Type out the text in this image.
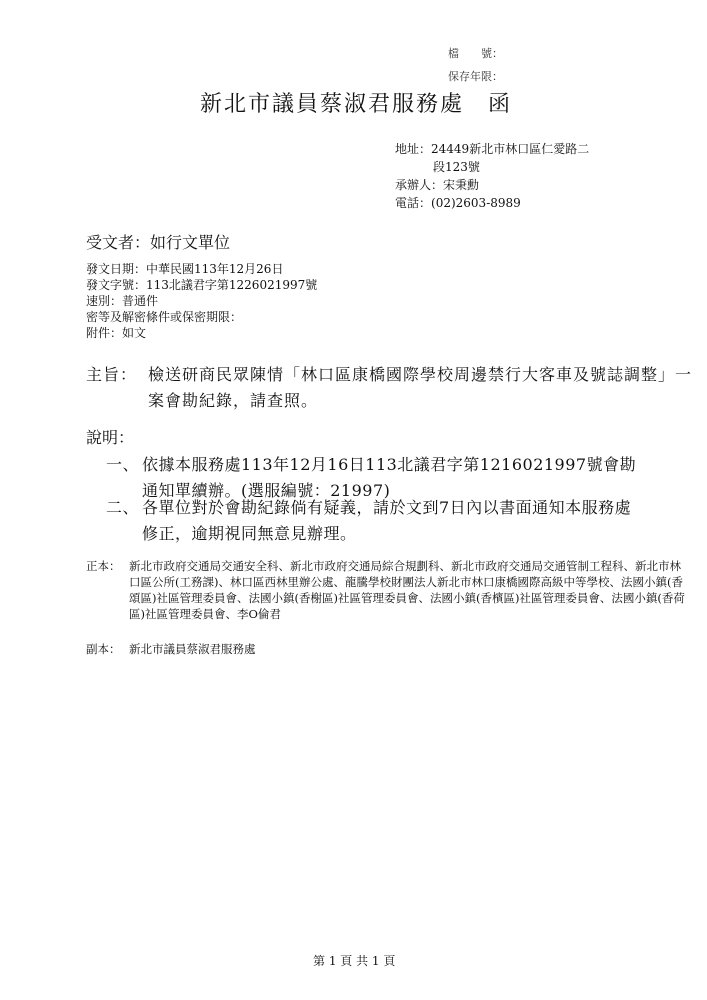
檔　　號：
保存年限：
新北市議員蔡淑君服務處　函
地址： 24449新北市林口區仁愛路二
段123號
承辦人： 宋秉勳
電話： (02)2603-8989
受文者：如行文單位
發文日期：中華民國113年12月26日
發文字號：113北議君字第1226021997號
速別：普通件
密等及解密條件或保密期限：
附件：如文
主旨： 檢送研商民眾陳情「林口區康橋國際學校周邊禁行大客車及號誌調整」一案會勘紀錄，請查照。
說明：
一、 依據本服務處113年12月16日113北議君字第1216021997號會勘通知單續辦。(選服編號：21997)
二、 各單位對於會勘紀錄倘有疑義，請於文到7日內以書面通知本服務處修正，逾期視同無意見辦理。
正本： 新北市政府交通局交通安全科、新北市政府交通局綜合規劃科、新北市政府交通局交通管制工程科、新北市林口區公所(工務課)、林口區西林里辦公處、龍騰學校財團法人新北市林口康橋國際高級中等學校、法國小鎮(香頌區)社區管理委員會、法國小鎮(香榭區)社區管理委員會、法國小鎮(香檳區)社區管理委員會、法國小鎮(香荷區)社區管理委員會、李O倫君
副本： 新北市議員蔡淑君服務處
第 1 頁 共 1 頁
